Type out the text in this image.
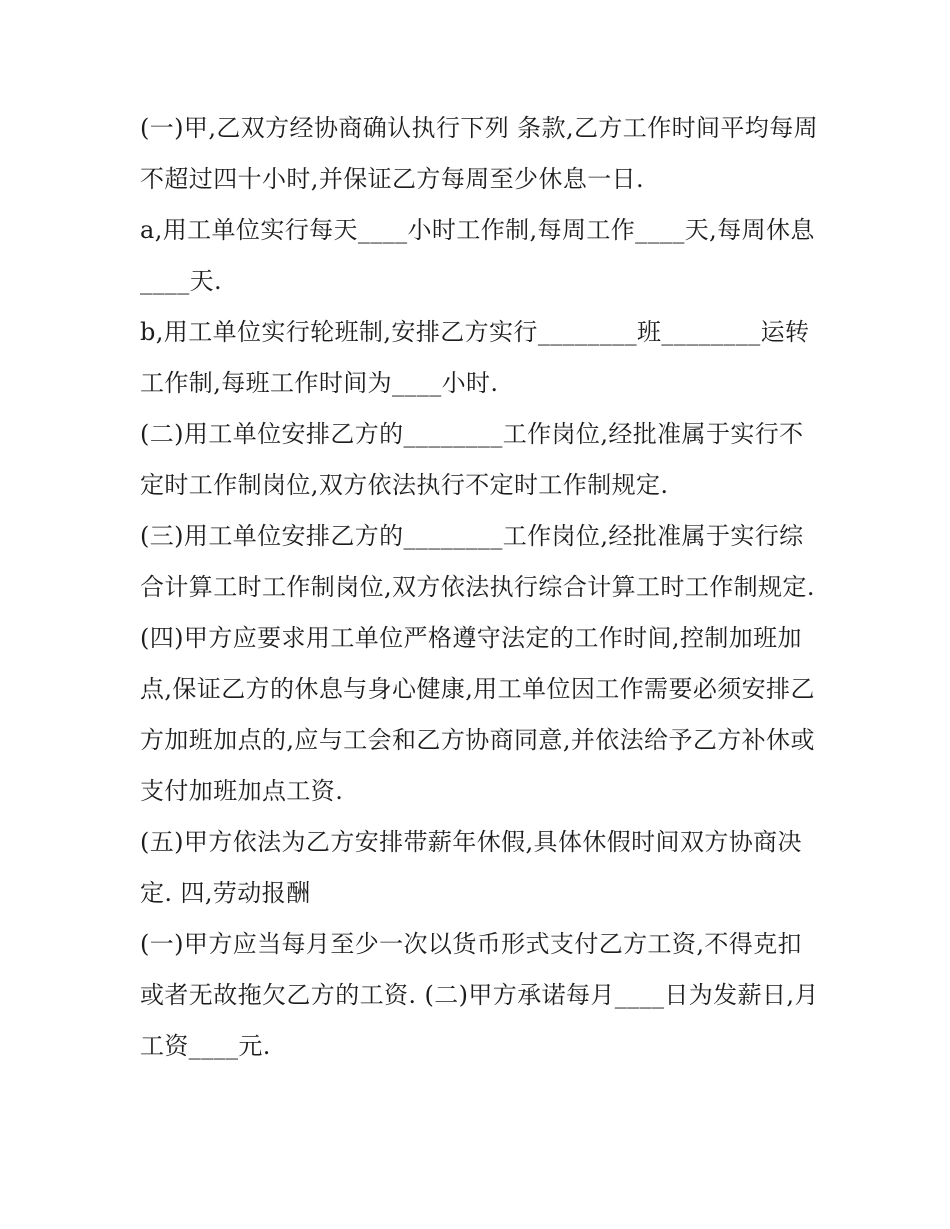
(一)甲,乙双方经协商确认执行下列 条款,乙方工作时间平均每周不超过四十小时,并保证乙方每周至少休息一日.

a,用工单位实行每天____小时工作制,每周工作____天,每周休息____天.

b,用工单位实行轮班制,安排乙方实行________班________运转工作制,每班工作时间为____小时.

(二)用工单位安排乙方的________工作岗位,经批准属于实行不定时工作制岗位,双方依法执行不定时工作制规定.

(三)用工单位安排乙方的________工作岗位,经批准属于实行综合计算工时工作制岗位,双方依法执行综合计算工时工作制规定.

(四)甲方应要求用工单位严格遵守法定的工作时间,控制加班加点,保证乙方的休息与身心健康,用工单位因工作需要必须安排乙方加班加点的,应与工会和乙方协商同意,并依法给予乙方补休或支付加班加点工资.

(五)甲方依法为乙方安排带薪年休假,具体休假时间双方协商决定. 四,劳动报酬

(一)甲方应当每月至少一次以货币形式支付乙方工资,不得克扣或者无故拖欠乙方的工资. (二)甲方承诺每月____日为发薪日,月工资____元.
